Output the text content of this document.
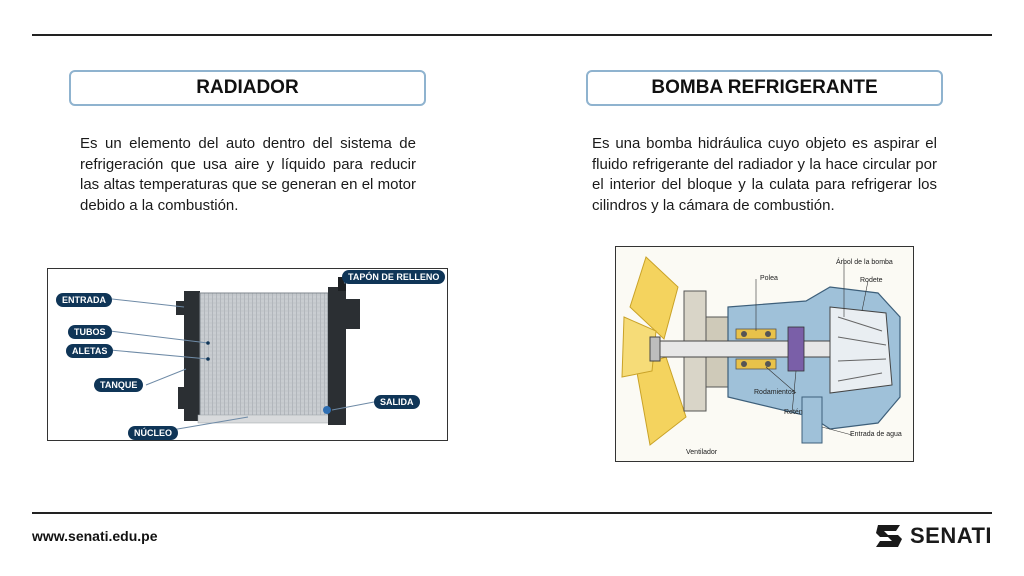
RADIADOR
Es un elemento del auto dentro del sistema de refrigeración que usa aire y líquido para reducir las altas temperaturas que se generan en el motor debido a la combustión.
ENTRADA
TUBOS
ALETAS
TANQUE
NÚCLEO
TAPÓN DE RELLENO
SALIDA
BOMBA REFRIGERANTE
Es una bomba hidráulica cuyo objeto es aspirar el fluido refrigerante del radiador y la hace circular por el interior del bloque y la culata para refrigerar los cilindros y la cámara de combustión.
Árbol de la bomba
Polea	Rodete
Rodamientos
Retén
Entrada de agua
Ventilador
www.senati.edu.pe	SENATI
